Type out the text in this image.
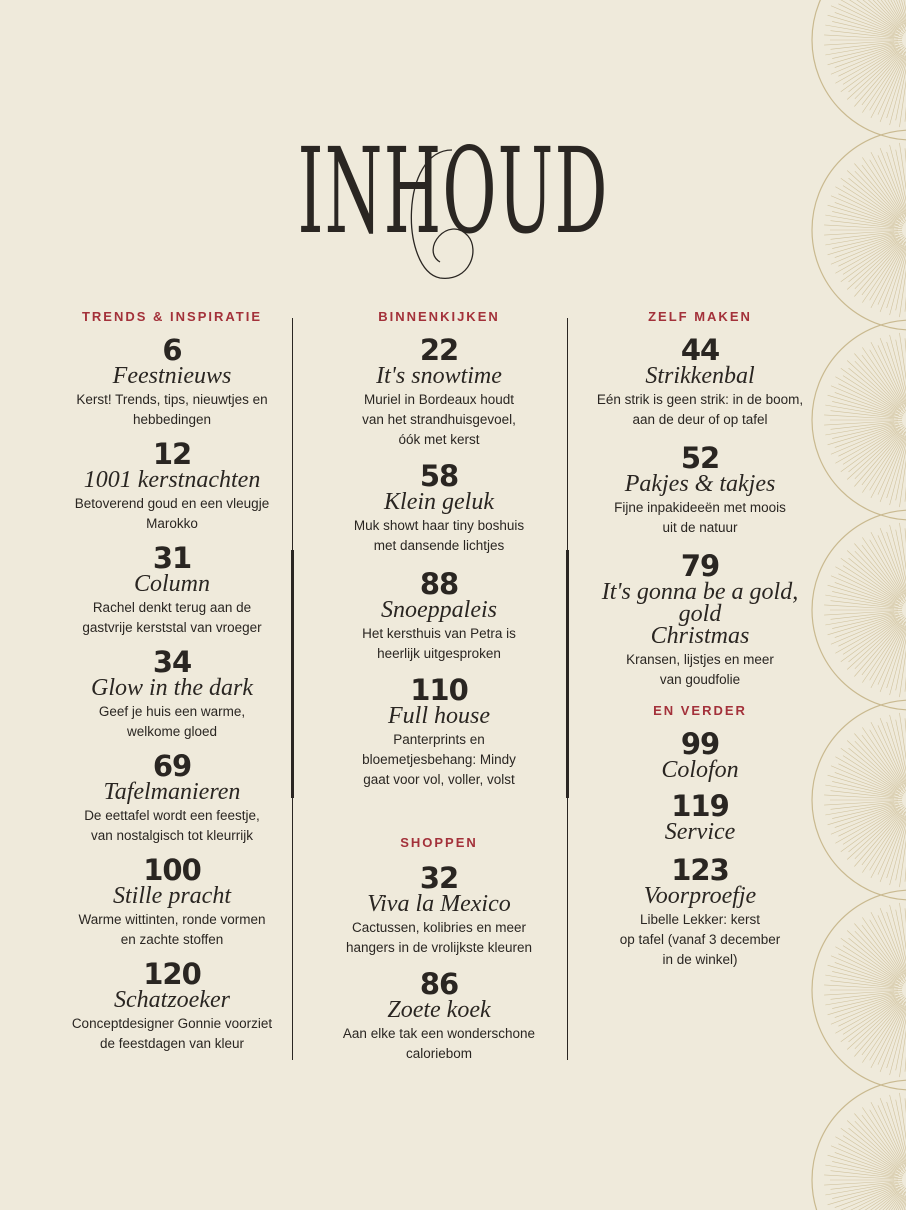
INHOUD
TRENDS & INSPIRATIE
6
Feestnieuws
Kerst! Trends, tips, nieuwtjes en
hebbedingen
12
1001 kerstnachten
Betoverend goud en een vleugje
Marokko
31
Column
Rachel denkt terug aan de
gastvrije kerststal van vroeger
34
Glow in the dark
Geef je huis een warme,
welkome gloed
69
Tafelmanieren
De eettafel wordt een feestje,
van nostalgisch tot kleurrijk
100
Stille pracht
Warme wittinten, ronde vormen
en zachte stoffen
120
Schatzoeker
Conceptdesigner Gonnie voorziet
de feestdagen van kleur
BINNENKIJKEN
22
It's snowtime
Muriel in Bordeaux houdt
van het strandhuisgevoel,
óók met kerst
58
Klein geluk
Muk showt haar tiny boshuis
met dansende lichtjes
88
Snoeppaleis
Het kersthuis van Petra is
heerlijk uitgesproken
110
Full house
Panterprints en
bloemetjesbehang: Mindy
gaat voor vol, voller, volst
SHOPPEN
32
Viva la Mexico
Cactussen, kolibries en meer
hangers in de vrolijkste kleuren
86
Zoete koek
Aan elke tak een wonderschone
caloriebom
ZELF MAKEN
44
Strikkenbal
Eén strik is geen strik: in de boom,
aan de deur of op tafel
52
Pakjes & takjes
Fijne inpakideeën met moois
uit de natuur
79
It's gonna be a gold, gold
Christmas
Kransen, lijstjes en meer
van goudfolie
EN VERDER
99
Colofon
119
Service
123
Voorproefje
Libelle Lekker: kerst
op tafel (vanaf 3 december
in de winkel)
